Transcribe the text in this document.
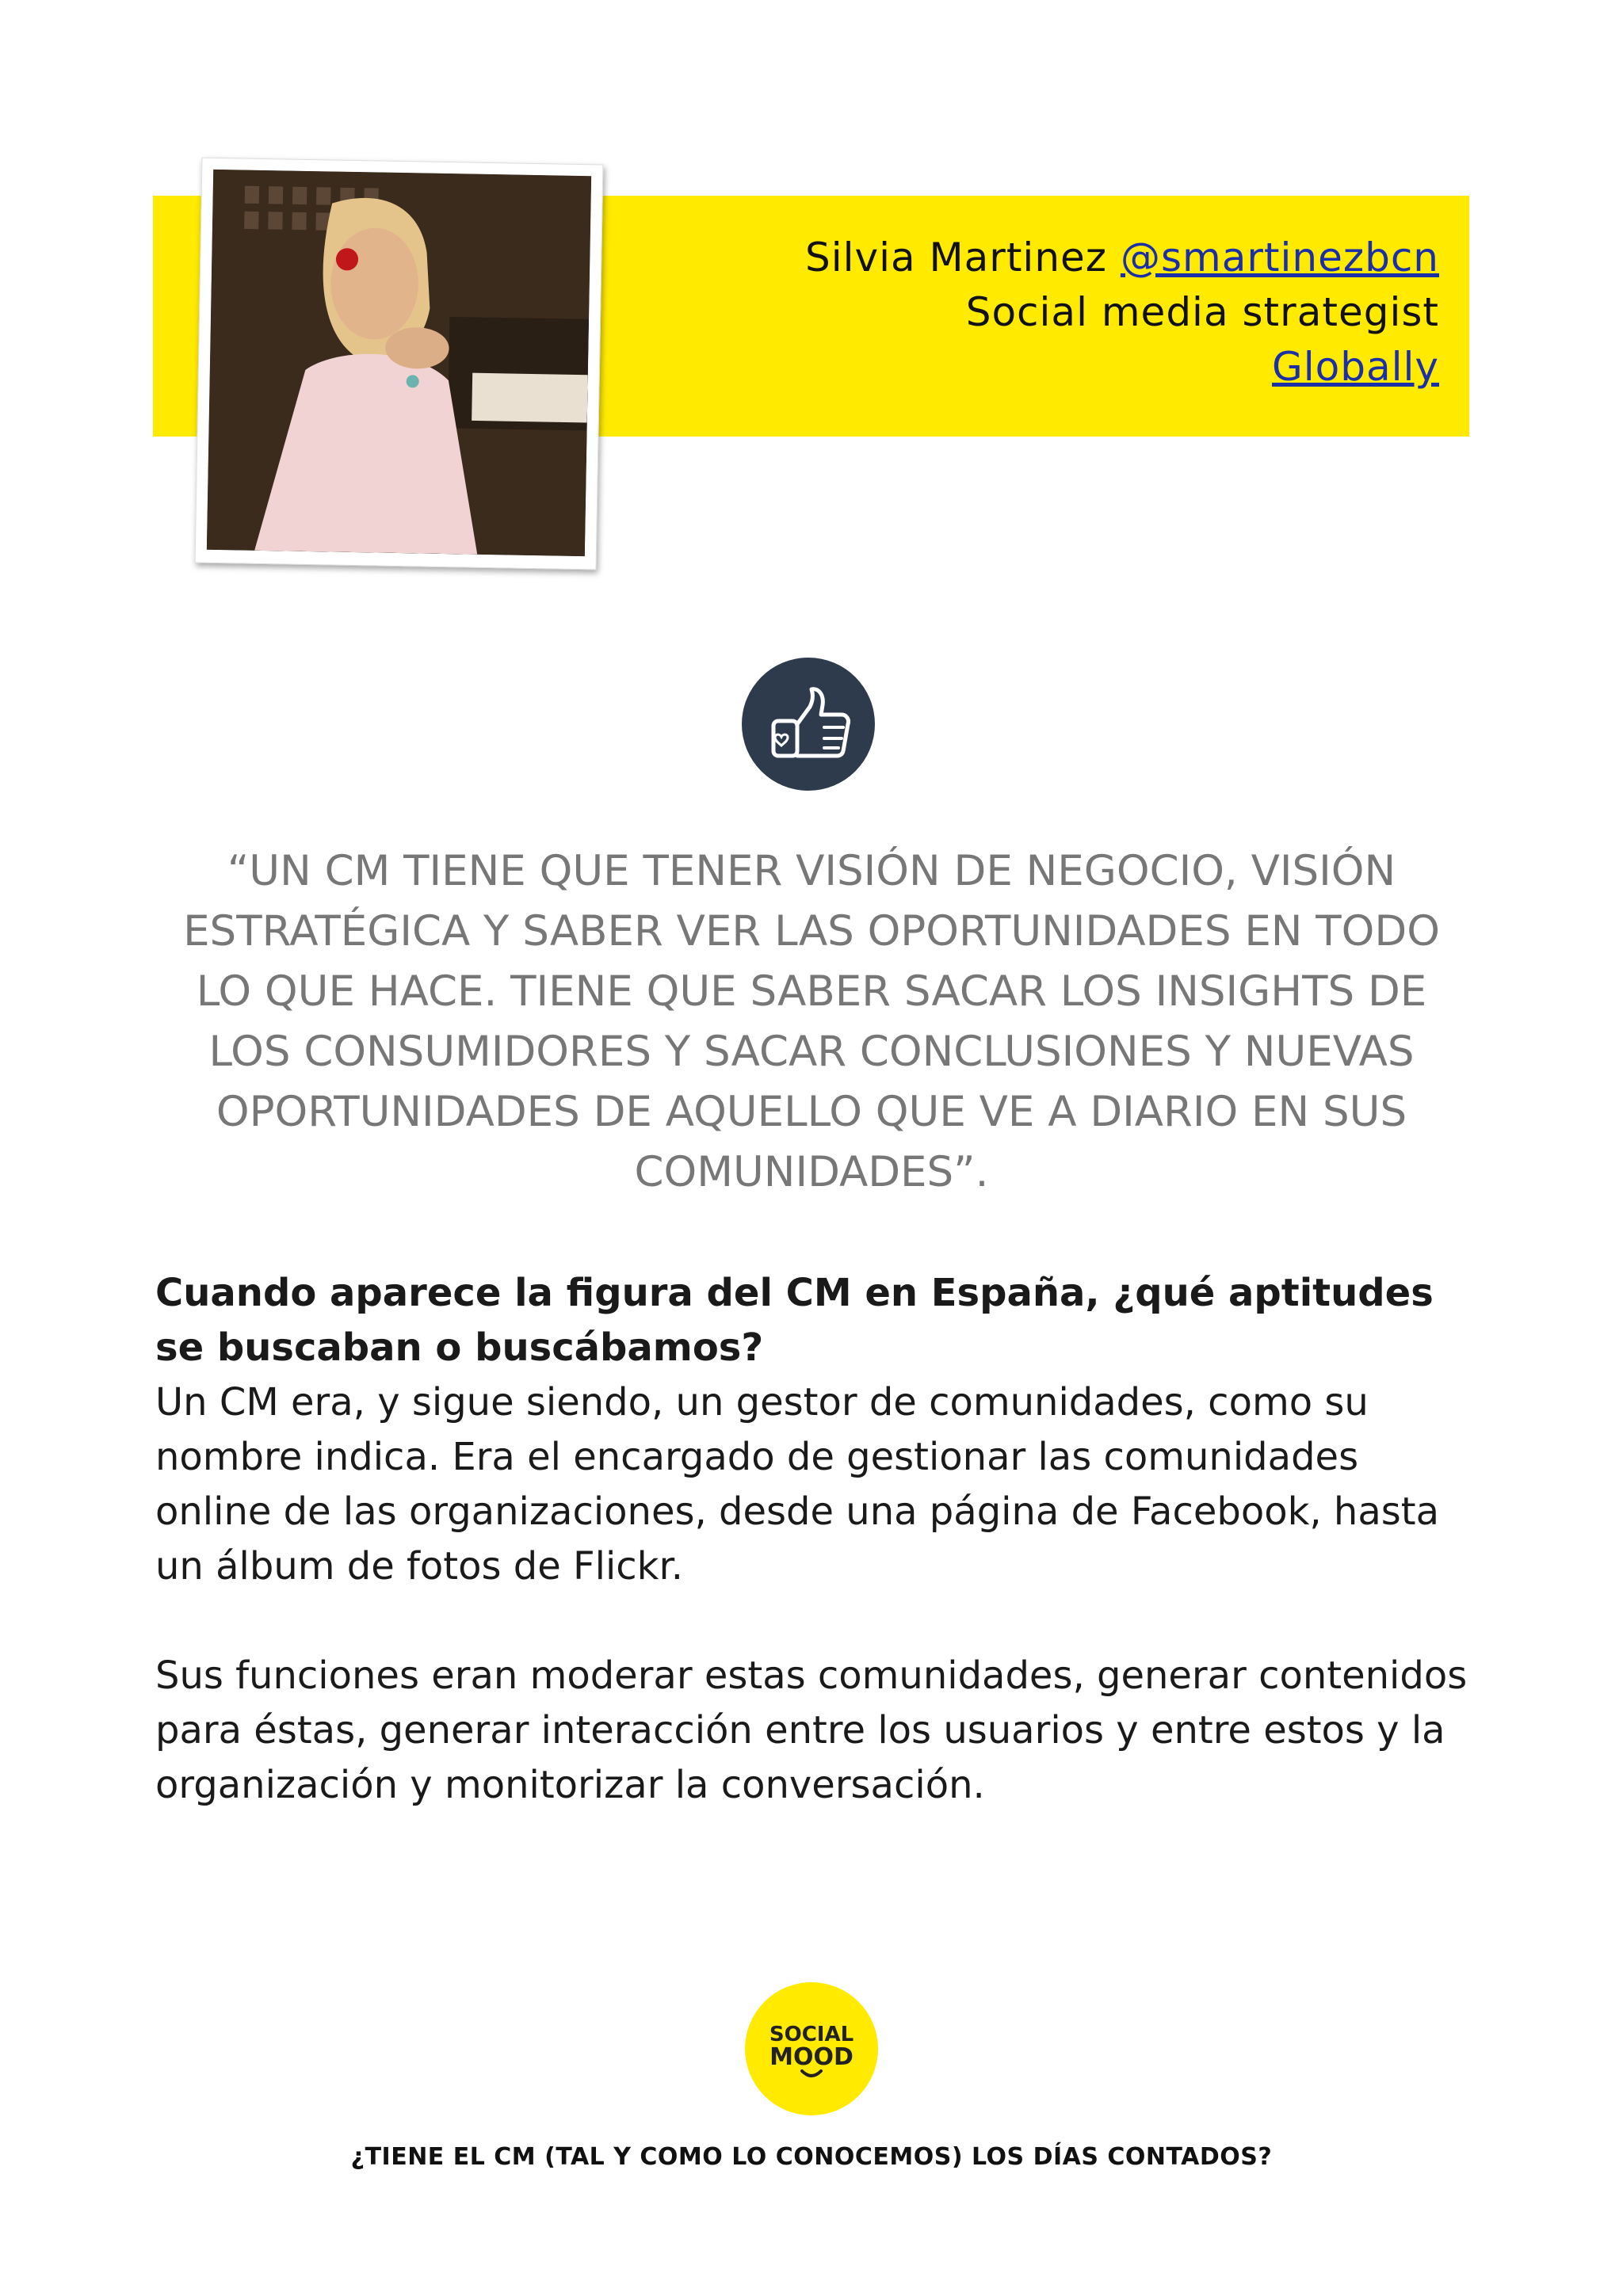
Silvia Martinez @smartinezbcn
Social media strategist
Globally
“UN CM TIENE QUE TENER VISIÓN DE NEGOCIO, VISIÓN ESTRATÉGICA Y SABER VER LAS OPORTUNIDADES EN TODO LO QUE HACE. TIENE QUE SABER SACAR LOS INSIGHTS DE LOS CONSUMIDORES Y SACAR CONCLUSIONES Y NUEVAS OPORTUNIDADES DE AQUELLO QUE VE A DIARIO EN SUS COMUNIDADES”.

Cuando aparece la figura del CM en España, ¿qué aptitudes se buscaban o buscábamos?

Un CM era, y sigue siendo, un gestor de comunidades, como su nombre indica. Era el encargado de gestionar las comunidades online de las organizaciones, desde una página de Facebook, hasta un álbum de fotos de Flickr.

Sus funciones eran moderar estas comunidades, generar contenidos para éstas, generar interacción entre los usuarios y entre estos y la organización y monitorizar la conversación.

SOCIAL
MOOD
¿TIENE EL CM (TAL Y COMO LO CONOCEMOS) LOS DÍAS CONTADOS?
